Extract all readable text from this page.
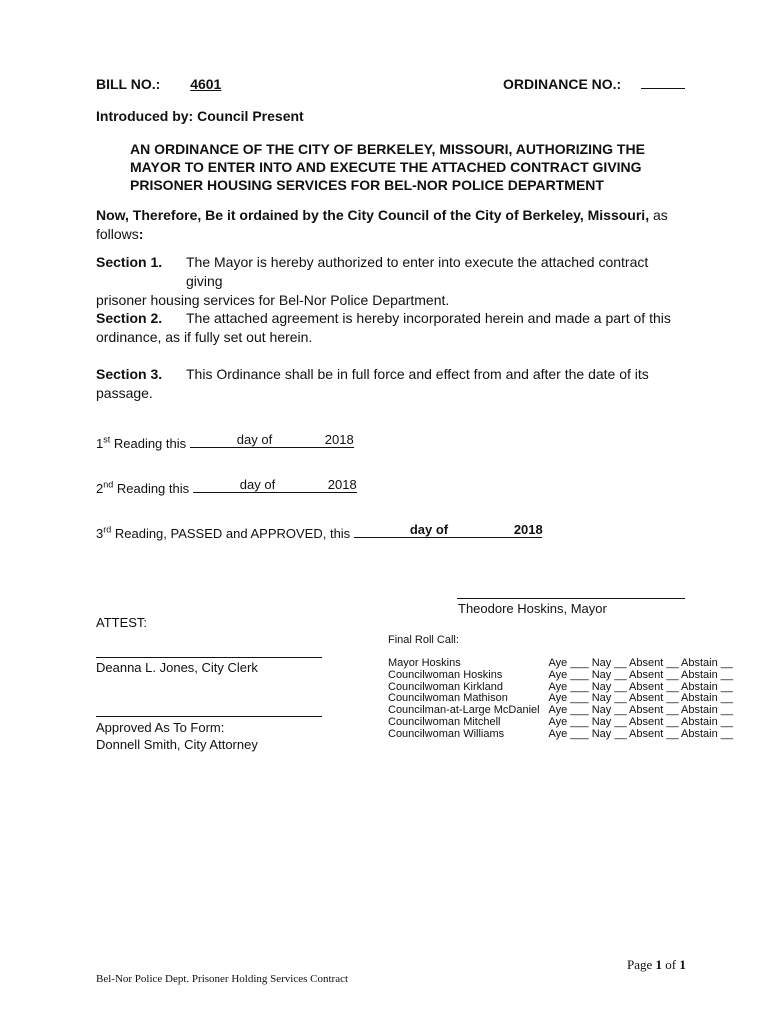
BILL NO.: 4601	ORDINANCE NO.:
Introduced by: Council Present
AN ORDINANCE OF THE CITY OF BERKELEY, MISSOURI, AUTHORIZING THE
MAYOR TO ENTER INTO AND EXECUTE THE ATTACHED CONTRACT GIVING
PRISONER HOUSING SERVICES FOR BEL-NOR POLICE DEPARTMENT
Now, Therefore, Be it ordained by the City Council of the City of Berkeley, Missouri, as
follows:
Section 1.	The Mayor is hereby authorized to enter into execute the attached contract giving
prisoner housing services for Bel-Nor Police Department.
Section 2.	The attached agreement is hereby incorporated herein and made a part of this
ordinance, as if fully set out herein.
Section 3.	This Ordinance shall be in full force and effect from and after the date of its
passage.
1st Reading this	day of	2018
2nd Reading this	day of	2018
3rd Reading, PASSED and APPROVED, this	day of	2018
Theodore Hoskins, Mayor
ATTEST:
Deanna L. Jones, City Clerk
Approved As To Form:
Donnell Smith, City Attorney
Final Roll Call:
Mayor Hoskins	Aye ___ Nay __ Absent __ Abstain __
Councilwoman Hoskins	Aye ___ Nay __ Absent __ Abstain __
Councilwoman Kirkland	Aye ___ Nay __ Absent __ Abstain __
Councilwoman Mathison	Aye ___ Nay __ Absent __ Abstain __
Councilman-at-Large McDaniel Aye ___ Nay __ Absent __ Abstain __
Councilwoman Mitchell	Aye ___ Nay __ Absent __ Abstain __
Councilwoman Williams	Aye ___ Nay __ Absent __ Abstain __
Page 1 of 1
Bel-Nor Police Dept. Prisoner Holding Services Contract
